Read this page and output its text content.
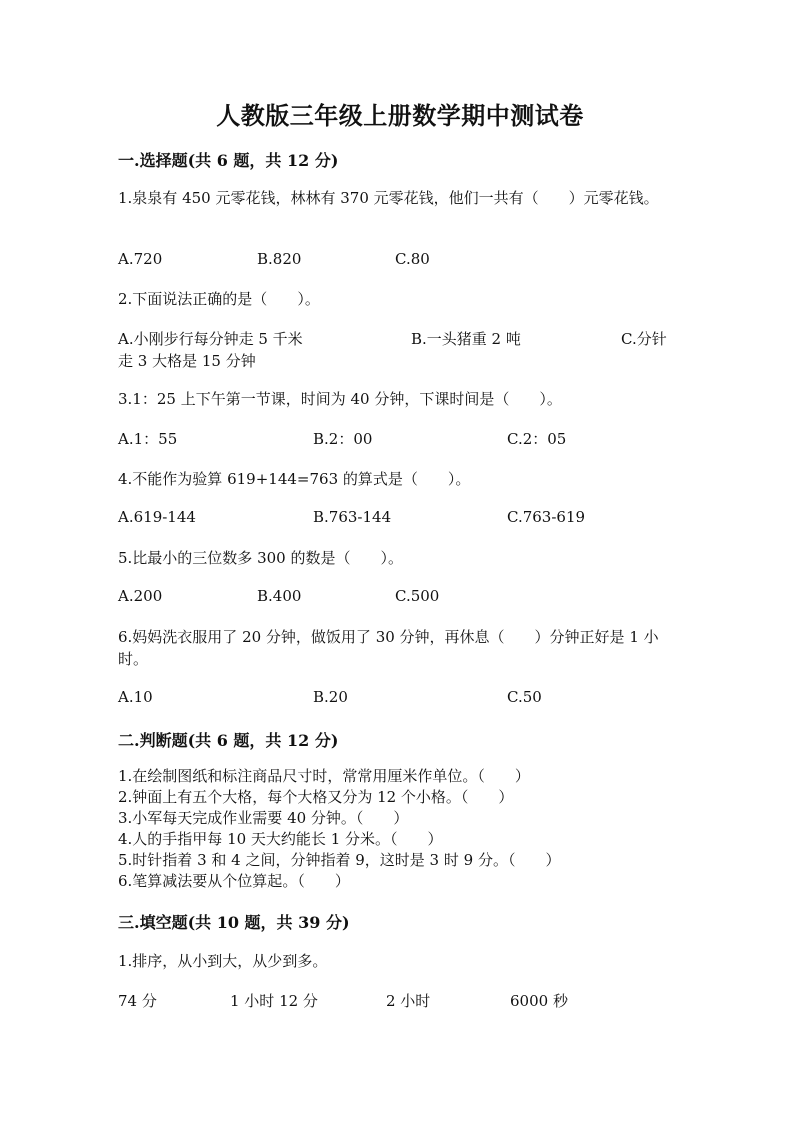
人教版三年级上册数学期中测试卷
一.选择题(共 6 题，共 12 分)
1.泉泉有 450 元零花钱，林林有 370 元零花钱，他们一共有（　　）元零花钱。
A.720	B.820	C.80
2.下面说法正确的是（　　）。
A.小刚步行每分钟走 5 千米	B.一头猪重 2 吨	C.分针走 3 大格是 15 分钟
3.1：25 上下午第一节课，时间为 40 分钟，下课时间是（　　）。
A.1：55	B.2：00	C.2：05
4.不能作为验算 619+144=763 的算式是（　　）。
A.619-144	B.763-144	C.763-619
5.比最小的三位数多 300 的数是（　　）。
A.200	B.400	C.500
6.妈妈洗衣服用了 20 分钟，做饭用了 30 分钟，再休息（　　）分钟正好是 1 小时。
A.10	B.20	C.50
二.判断题(共 6 题，共 12 分)
1.在绘制图纸和标注商品尺寸时，常常用厘米作单位。（　　）
2.钟面上有五个大格，每个大格又分为 12 个小格。（　　）
3.小军每天完成作业需要 40 分钟。（　　）
4.人的手指甲每 10 天大约能长 1 分米。（　　）
5.时针指着 3 和 4 之间，分钟指着 9，这时是 3 时 9 分。（　　）
6.笔算减法要从个位算起。（　　）
三.填空题(共 10 题，共 39 分)
1.排序，从小到大，从少到多。
74 分	1 小时 12 分	2 小时	6000 秒
